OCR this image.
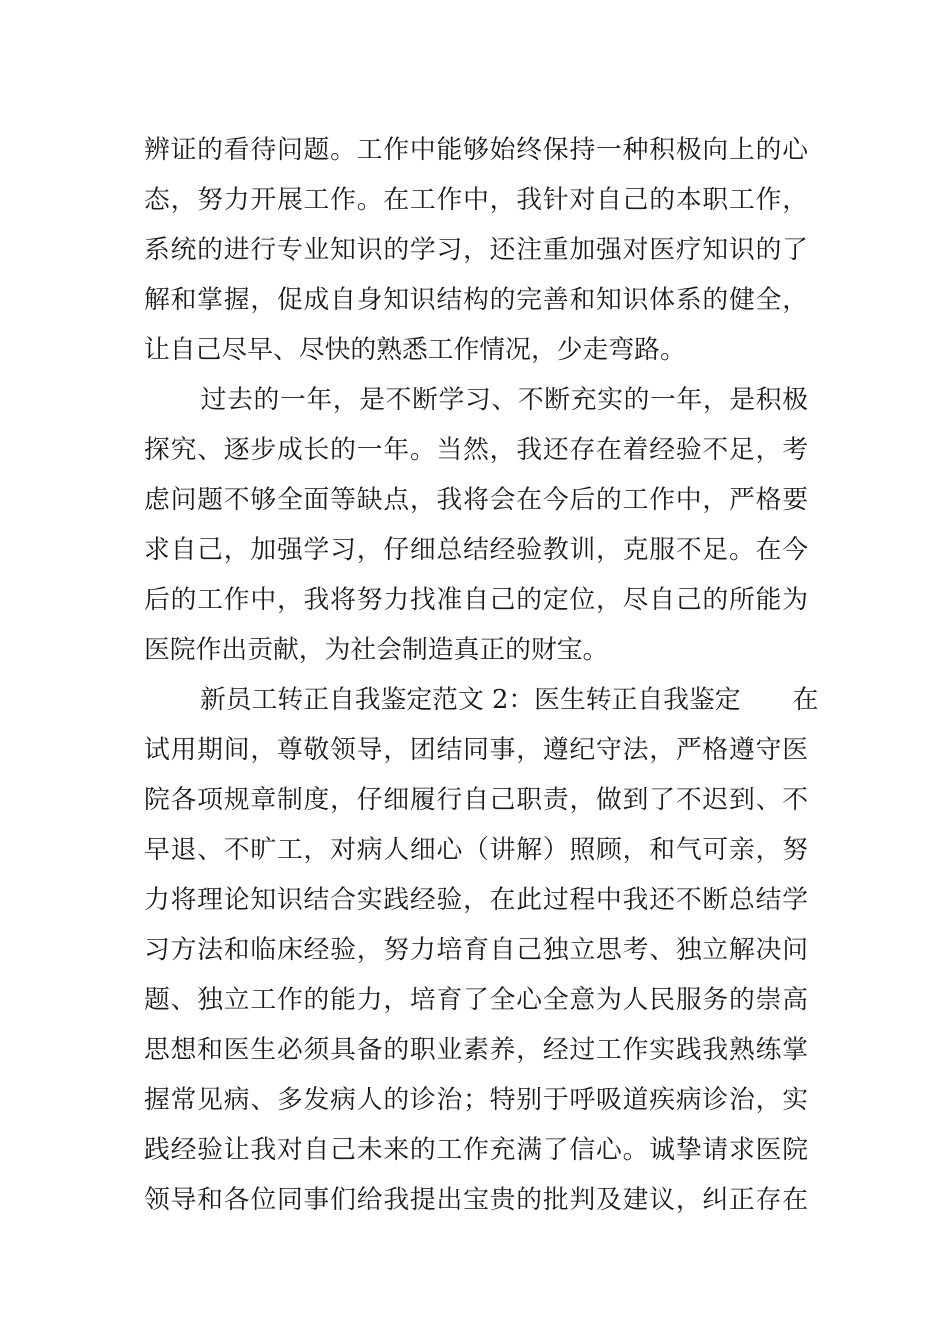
辨证的看待问题。工作中能够始终保持一种积极向上的心
态，努力开展工作。在工作中，我针对自己的本职工作，
系统的进行专业知识的学习，还注重加强对医疗知识的了
解和掌握，促成自身知识结构的完善和知识体系的健全，
让自己尽早、尽快的熟悉工作情况，少走弯路。
过去的一年，是不断学习、不断充实的一年，是积极
探究、逐步成长的一年。当然，我还存在着经验不足，考
虑问题不够全面等缺点，我将会在今后的工作中，严格要
求自己，加强学习，仔细总结经验教训，克服不足。在今
后的工作中，我将努力找准自己的定位，尽自己的所能为
医院作出贡献，为社会制造真正的财宝。
新员工转正自我鉴定范文 2：医生转正自我鉴定 在
试用期间，尊敬领导，团结同事，遵纪守法，严格遵守医
院各项规章制度，仔细履行自己职责，做到了不迟到、不
早退、不旷工，对病人细心（讲解）照顾，和气可亲，努
力将理论知识结合实践经验，在此过程中我还不断总结学
习方法和临床经验，努力培育自己独立思考、独立解决问
题、独立工作的能力，培育了全心全意为人民服务的崇高
思想和医生必须具备的职业素养，经过工作实践我熟练掌
握常见病、多发病人的诊治；特别于呼吸道疾病诊治，实
践经验让我对自己未来的工作充满了信心。诚挚请求医院
领导和各位同事们给我提出宝贵的批判及建议，纠正存在
